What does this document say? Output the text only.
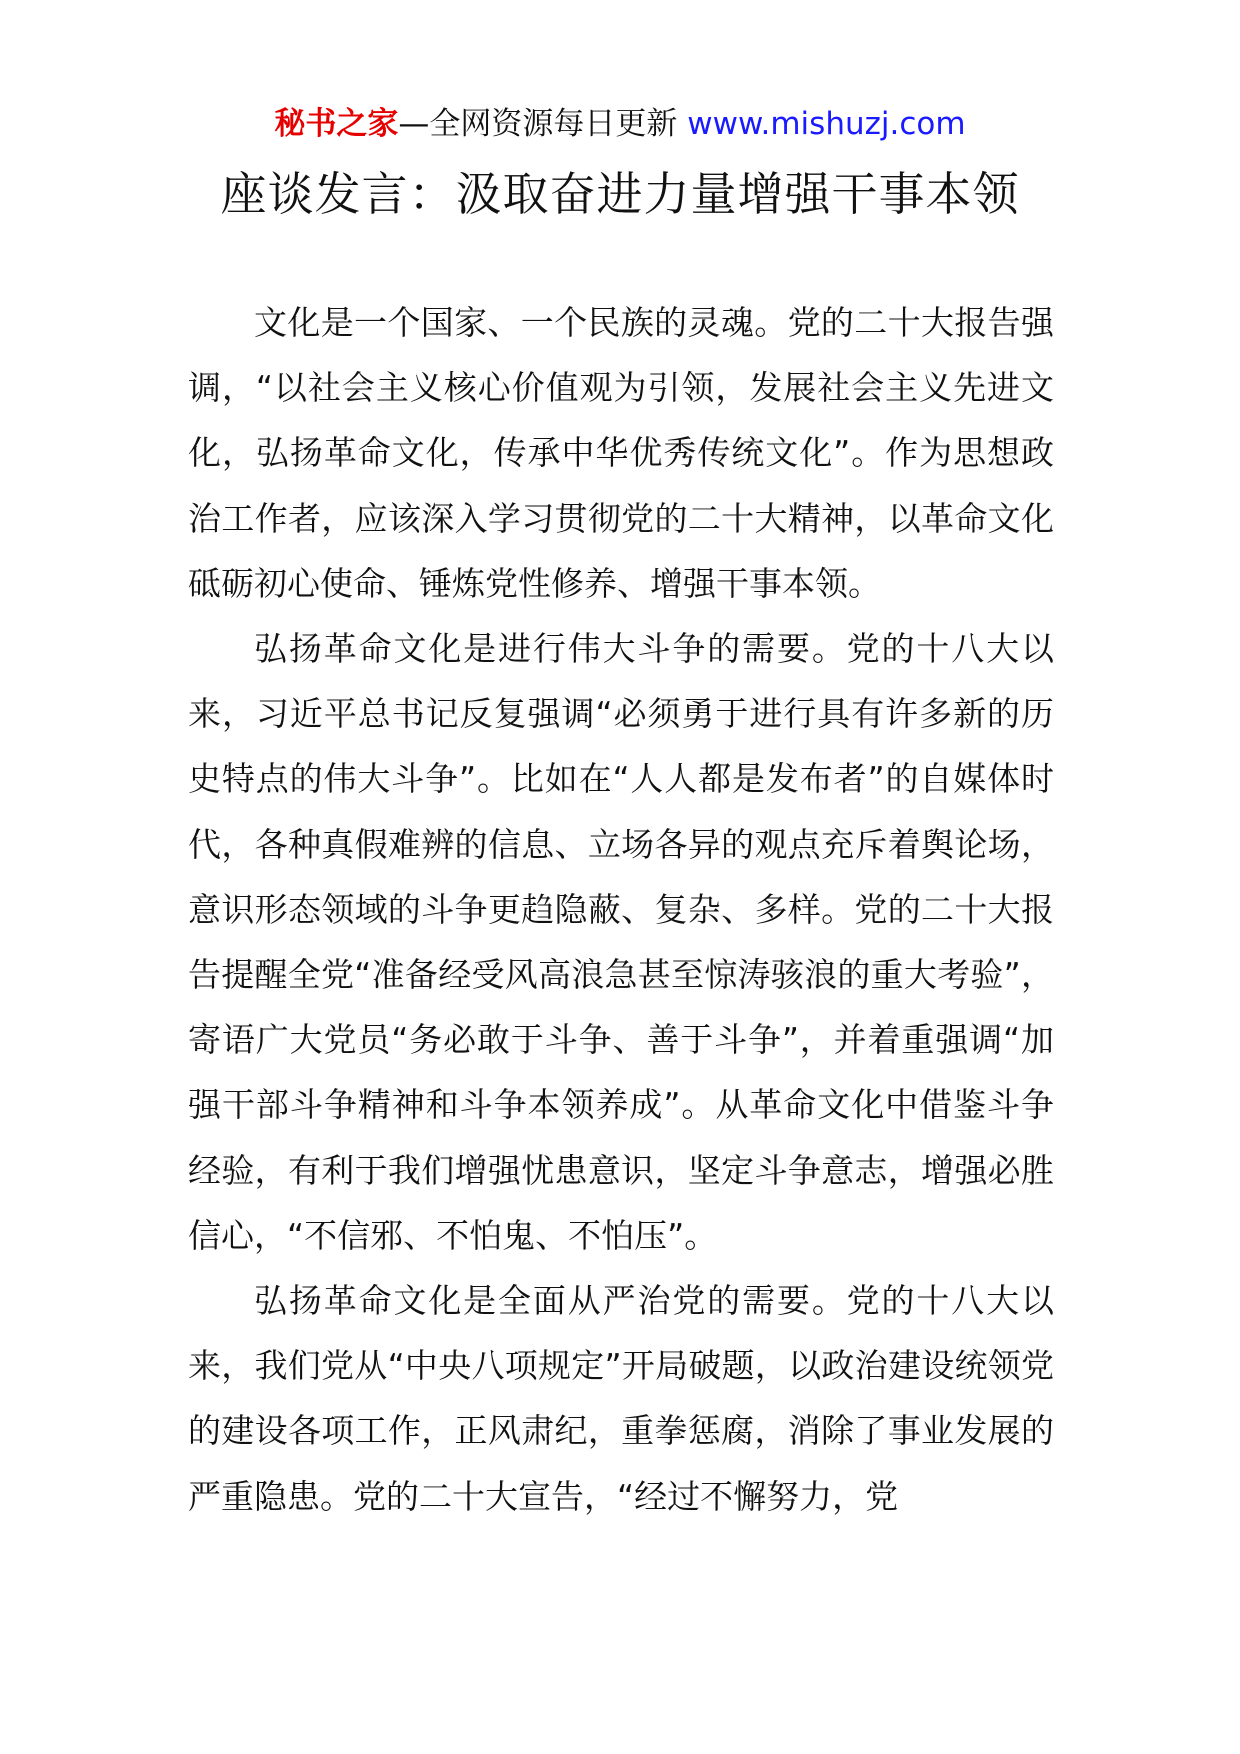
秘书之家—全网资源每日更新 www.mishuzj.com
座谈发言：汲取奋进力量增强干事本领

文化是一个国家、一个民族的灵魂。党的二十大报告强调，“以社会主义核心价值观为引领，发展社会主义先进文化，弘扬革命文化，传承中华优秀传统文化”。作为思想政治工作者，应该深入学习贯彻党的二十大精神，以革命文化砥砺初心使命、锤炼党性修养、增强干事本领。

弘扬革命文化是进行伟大斗争的需要。党的十八大以来，习近平总书记反复强调“必须勇于进行具有许多新的历史特点的伟大斗争”。比如在“人人都是发布者”的自媒体时代，各种真假难辨的信息、立场各异的观点充斥着舆论场，意识形态领域的斗争更趋隐蔽、复杂、多样。党的二十大报告提醒全党“准备经受风高浪急甚至惊涛骇浪的重大考验”，寄语广大党员“务必敢于斗争、善于斗争”，并着重强调“加强干部斗争精神和斗争本领养成”。从革命文化中借鉴斗争经验，有利于我们增强忧患意识，坚定斗争意志，增强必胜信心，“不信邪、不怕鬼、不怕压”。

弘扬革命文化是全面从严治党的需要。党的十八大以来，我们党从“中央八项规定”开局破题，以政治建设统领党的建设各项工作，正风肃纪，重拳惩腐，消除了事业发展的严重隐患。党的二十大宣告，“经过不懈努力，党
